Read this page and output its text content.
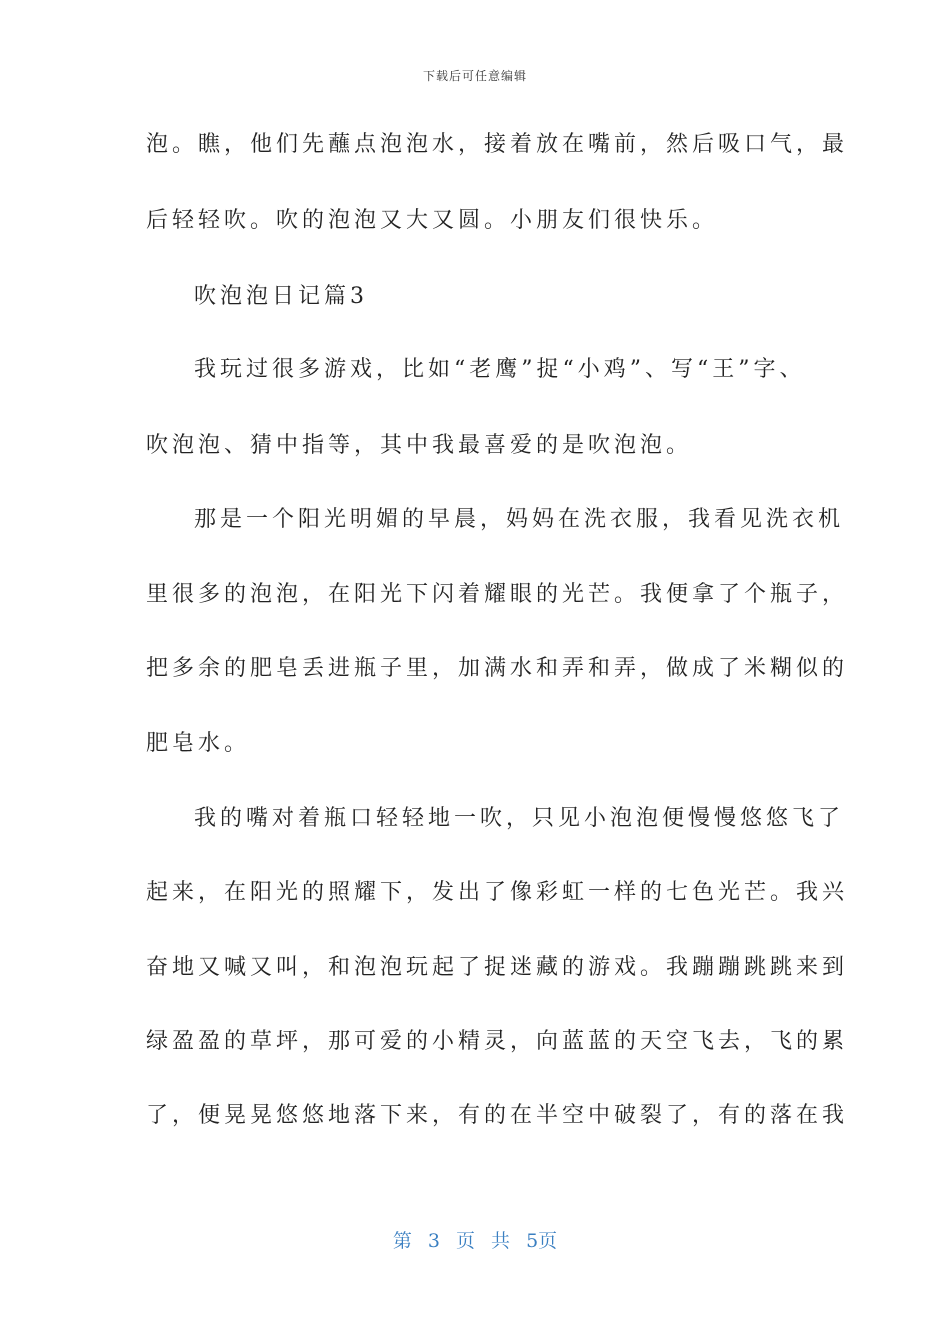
下载后可任意编辑
泡。瞧，他们先蘸点泡泡水，接着放在嘴前，然后吸口气，最
后轻轻吹。吹的泡泡又大又圆。小朋友们很快乐。
吹泡泡日记篇3
我玩过很多游戏，比如“老鹰”捉“小鸡”、写“王”字、
吹泡泡、猜中指等，其中我最喜爱的是吹泡泡。
那是一个阳光明媚的早晨，妈妈在洗衣服，我看见洗衣机
里很多的泡泡，在阳光下闪着耀眼的光芒。我便拿了个瓶子，
把多余的肥皂丢进瓶子里，加满水和弄和弄，做成了米糊似的
肥皂水。
我的嘴对着瓶口轻轻地一吹，只见小泡泡便慢慢悠悠飞了
起来，在阳光的照耀下，发出了像彩虹一样的七色光芒。我兴
奋地又喊又叫，和泡泡玩起了捉迷藏的游戏。我蹦蹦跳跳来到
绿盈盈的草坪，那可爱的小精灵，向蓝蓝的天空飞去，飞的累
了，便晃晃悠悠地落下来，有的在半空中破裂了，有的落在我
第 3 页 共 5页
